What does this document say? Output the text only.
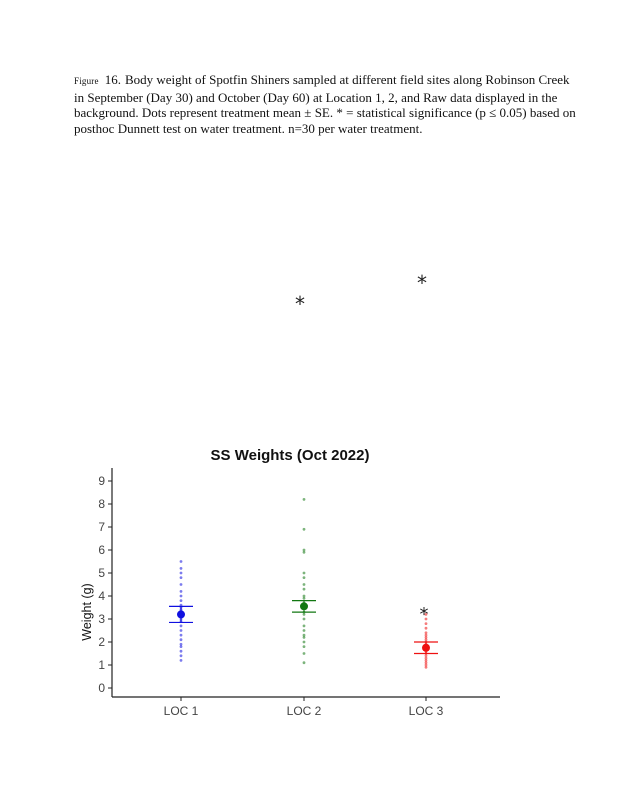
Figure 16. Body weight of Spotfin Shiners sampled at different field sites along Robinson Creek
in September (Day 30) and October (Day 60) at Location 1, 2, and Raw data displayed in the
background. Dots represent treatment mean ± SE. * = statistical significance (p ≤ 0.05) based on
posthoc Dunnett test on water treatment. n=30 per water treatment.
*
*
SS Weights (Oct 2022)
Weight (g)
0
1
2
3
4
5
6
7
8
9
LOC 1	LOC 2	LOC 3
*
